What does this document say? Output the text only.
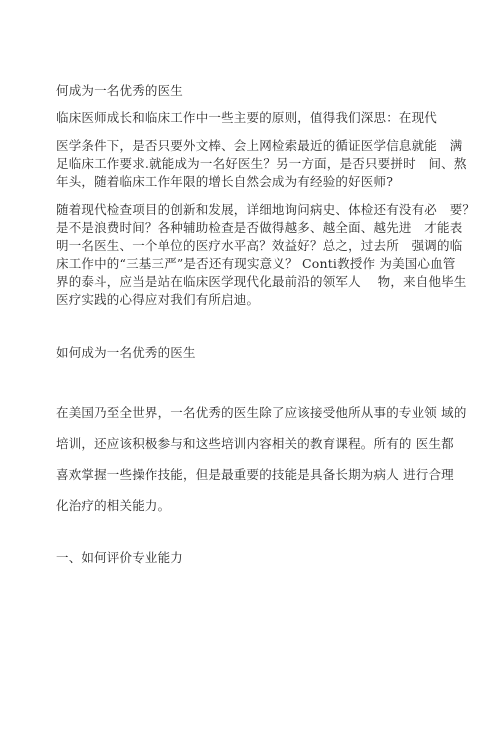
何成为一名优秀的医生

临床医师成长和临床工作中一些主要的原则，值得我们深思：在现代

医学条件下，是否只要外文棒、会上网检索最近的循证医学信息就能　满

足临床工作要求.就能成为一名好医生？另一方面，是否只要拼时　间、熬

年头，随着临床工作年限的增长自然会成为有经验的好医师?

随着现代检查项目的创新和发展，详细地询问病史、体检还有没有必　要？

是不是浪费时间？各种辅助检查是否做得越多、越全面、越先进　才能表

明一名医生、一个单位的医疗水平高？效益好？总之，过去所　强调的临

床工作中的“三基三严”是否还有现实意义？ Conti教授作 为美国心血管

界的泰斗，应当是站在临床医学现代化最前沿的领军人　 物，来自他毕生

医疗实践的心得应对我们有所启迪。

如何成为一名优秀的医生

在美国乃至全世界，一名优秀的医生除了应该接受他所从事的专业领 域的

培训，还应该积极参与和这些培训内容相关的教育课程。所有的 医生都

喜欢掌握一些操作技能，但是最重要的技能是具备长期为病人 进行合理

化治疗的相关能力。

一、如何评价专业能力
